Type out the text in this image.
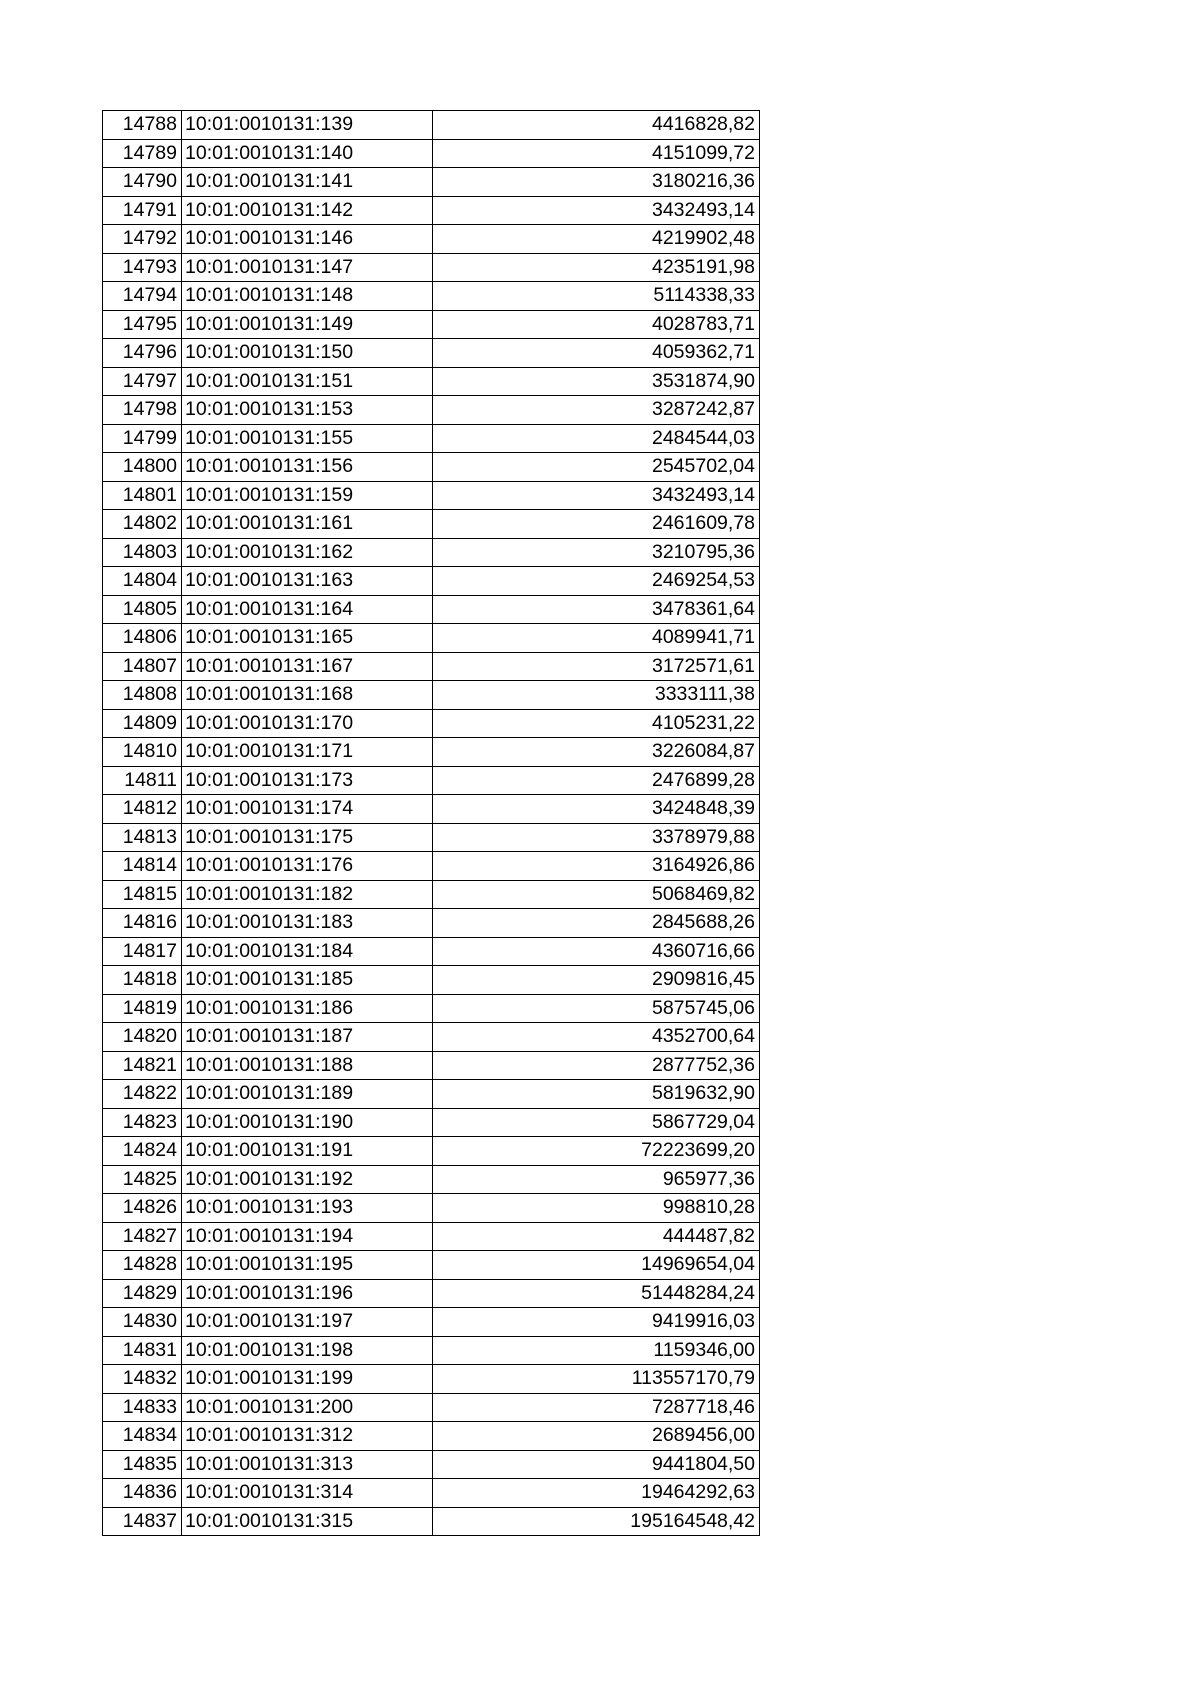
14788	10:01:0010131:139	4416828,82
14789	10:01:0010131:140	4151099,72
14790	10:01:0010131:141	3180216,36
14791	10:01:0010131:142	3432493,14
14792	10:01:0010131:146	4219902,48
14793	10:01:0010131:147	4235191,98
14794	10:01:0010131:148	5114338,33
14795	10:01:0010131:149	4028783,71
14796	10:01:0010131:150	4059362,71
14797	10:01:0010131:151	3531874,90
14798	10:01:0010131:153	3287242,87
14799	10:01:0010131:155	2484544,03
14800	10:01:0010131:156	2545702,04
14801	10:01:0010131:159	3432493,14
14802	10:01:0010131:161	2461609,78
14803	10:01:0010131:162	3210795,36
14804	10:01:0010131:163	2469254,53
14805	10:01:0010131:164	3478361,64
14806	10:01:0010131:165	4089941,71
14807	10:01:0010131:167	3172571,61
14808	10:01:0010131:168	3333111,38
14809	10:01:0010131:170	4105231,22
14810	10:01:0010131:171	3226084,87
14811	10:01:0010131:173	2476899,28
14812	10:01:0010131:174	3424848,39
14813	10:01:0010131:175	3378979,88
14814	10:01:0010131:176	3164926,86
14815	10:01:0010131:182	5068469,82
14816	10:01:0010131:183	2845688,26
14817	10:01:0010131:184	4360716,66
14818	10:01:0010131:185	2909816,45
14819	10:01:0010131:186	5875745,06
14820	10:01:0010131:187	4352700,64
14821	10:01:0010131:188	2877752,36
14822	10:01:0010131:189	5819632,90
14823	10:01:0010131:190	5867729,04
14824	10:01:0010131:191	72223699,20
14825	10:01:0010131:192	965977,36
14826	10:01:0010131:193	998810,28
14827	10:01:0010131:194	444487,82
14828	10:01:0010131:195	14969654,04
14829	10:01:0010131:196	51448284,24
14830	10:01:0010131:197	9419916,03
14831	10:01:0010131:198	1159346,00
14832	10:01:0010131:199	113557170,79
14833	10:01:0010131:200	7287718,46
14834	10:01:0010131:312	2689456,00
14835	10:01:0010131:313	9441804,50
14836	10:01:0010131:314	19464292,63
14837	10:01:0010131:315	195164548,42
